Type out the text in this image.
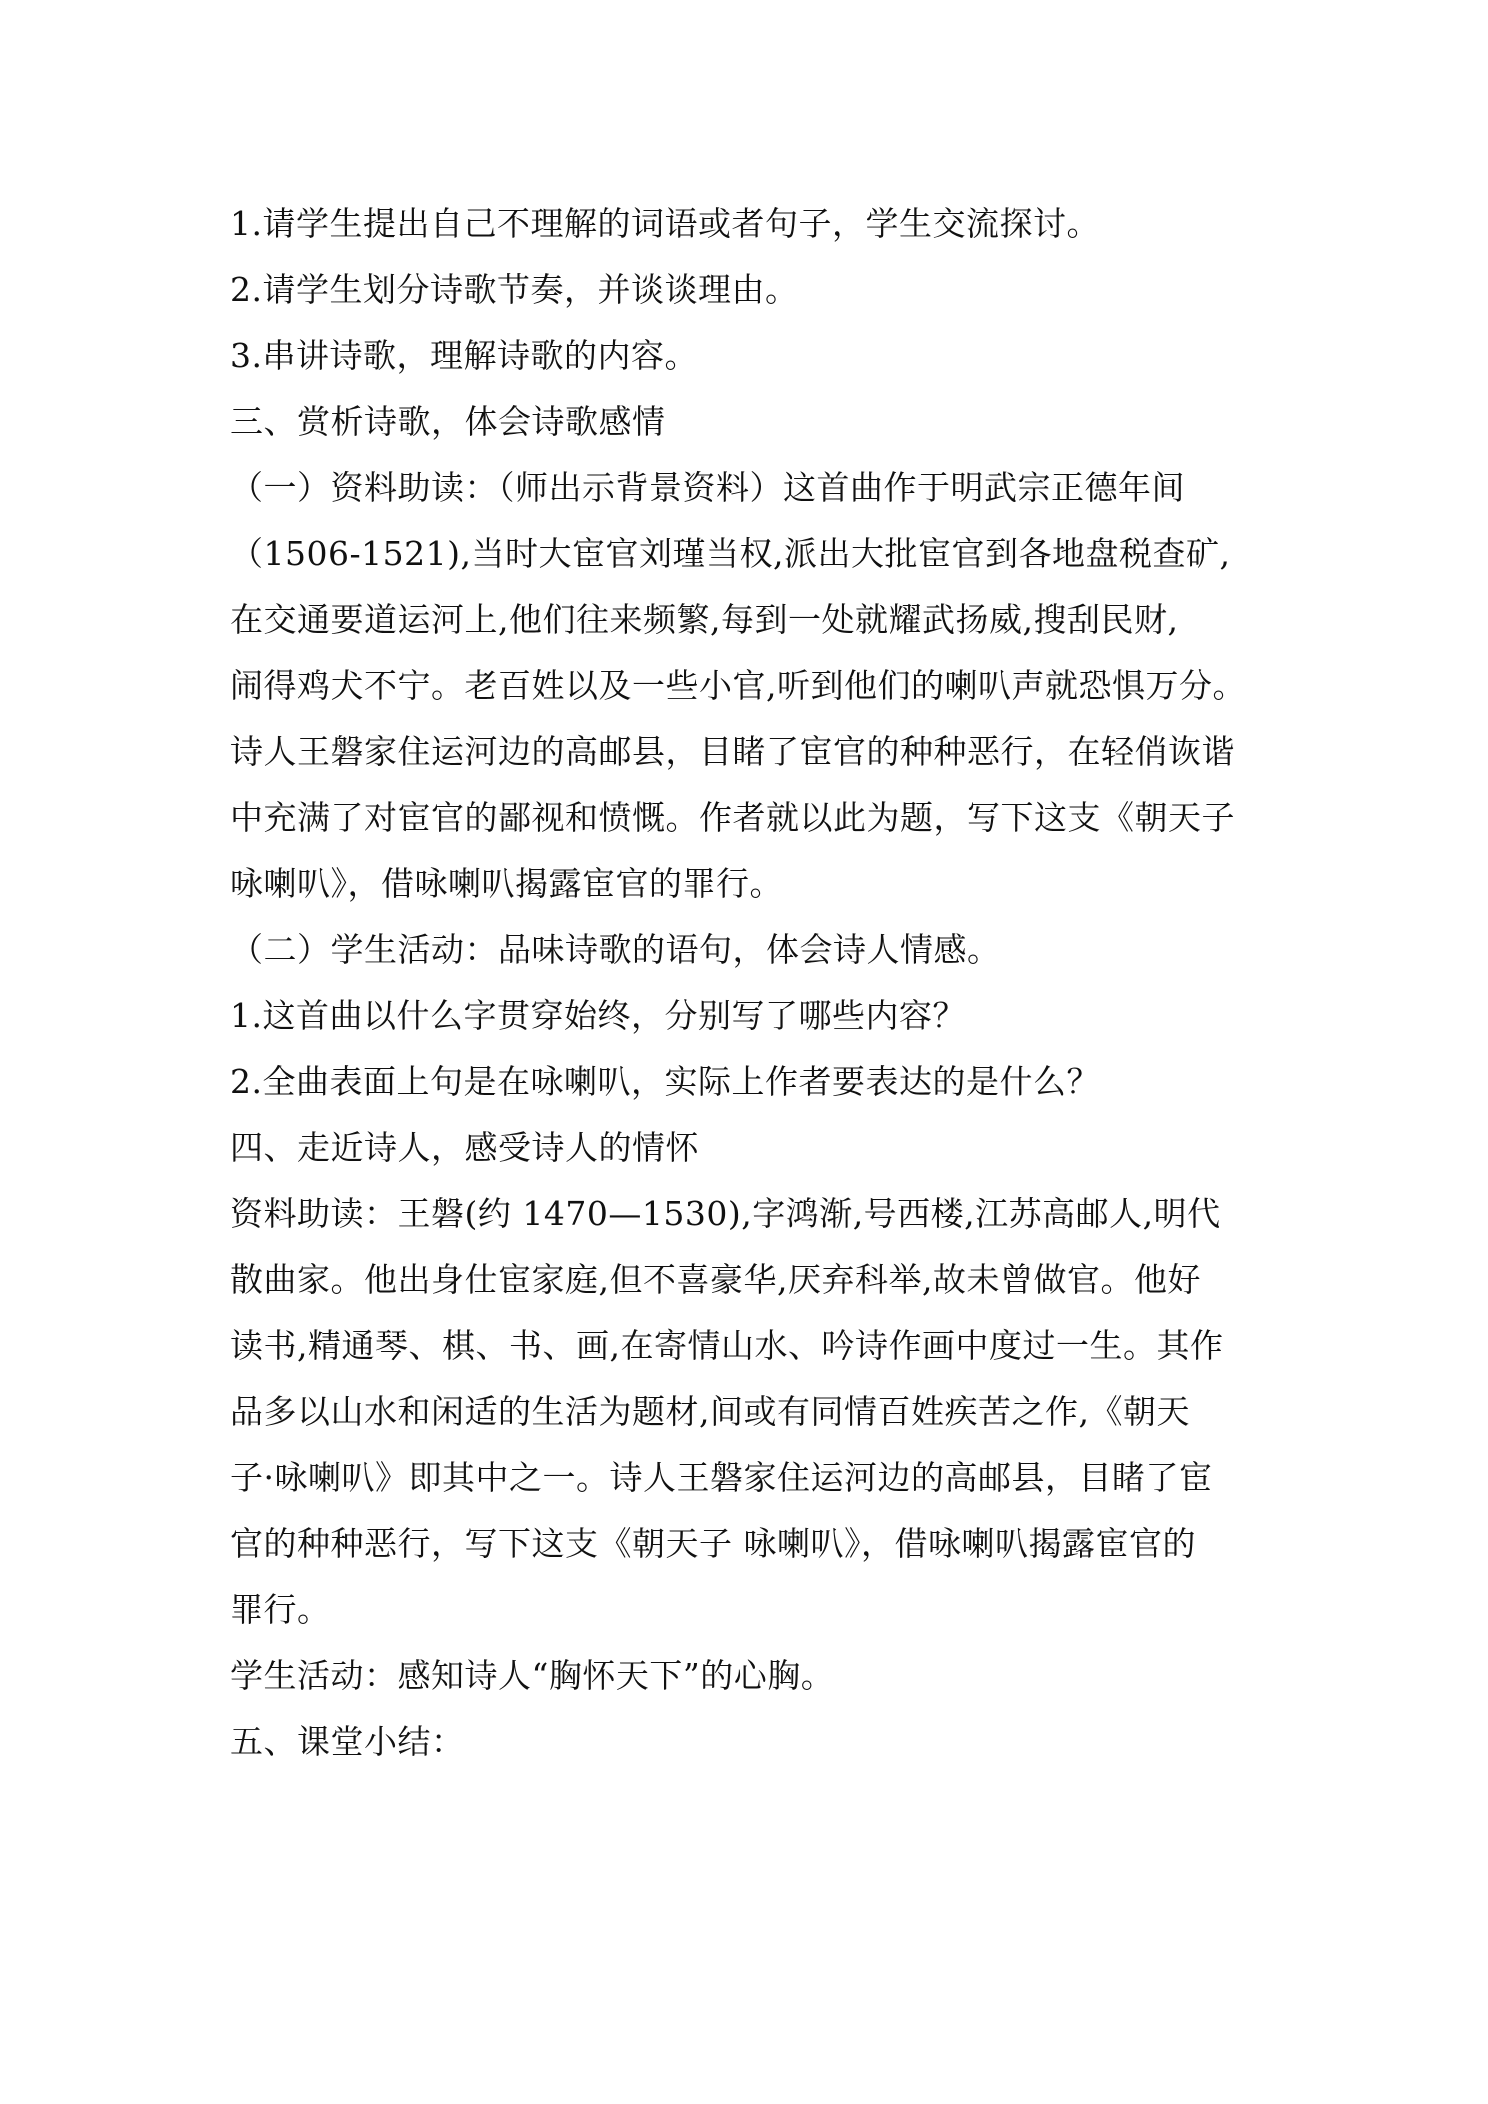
1.请学生提出自己不理解的词语或者句子，学生交流探讨。
2.请学生划分诗歌节奏，并谈谈理由。
3.串讲诗歌，理解诗歌的内容。
三、赏析诗歌，体会诗歌感情
（一）资料助读：（师出示背景资料）这首曲作于明武宗正德年间
（1506-1521),当时大宦官刘瑾当权,派出大批宦官到各地盘税查矿,
在交通要道运河上,他们往来频繁,每到一处就耀武扬威,搜刮民财,
闹得鸡犬不宁。老百姓以及一些小官,听到他们的喇叭声就恐惧万分。
诗人王磐家住运河边的高邮县，目睹了宦官的种种恶行，在轻俏诙谐
中充满了对宦官的鄙视和愤慨。作者就以此为题，写下这支《朝天子
咏喇叭》，借咏喇叭揭露宦官的罪行。
（二）学生活动：品味诗歌的语句，体会诗人情感。
1.这首曲以什么字贯穿始终，分别写了哪些内容？
2.全曲表面上句是在咏喇叭，实际上作者要表达的是什么？
四、走近诗人，感受诗人的情怀
资料助读：王磐(约 1470—1530),字鸿渐,号西楼,江苏高邮人,明代
散曲家。他出身仕宦家庭,但不喜豪华,厌弃科举,故未曾做官。他好
读书,精通琴、棋、书、画,在寄情山水、吟诗作画中度过一生。其作
品多以山水和闲适的生活为题材,间或有同情百姓疾苦之作,《朝天
子·咏喇叭》即其中之一。诗人王磐家住运河边的高邮县，目睹了宦
官的种种恶行，写下这支《朝天子 咏喇叭》，借咏喇叭揭露宦官的
罪行。
学生活动：感知诗人“胸怀天下”的心胸。
五、课堂小结：
